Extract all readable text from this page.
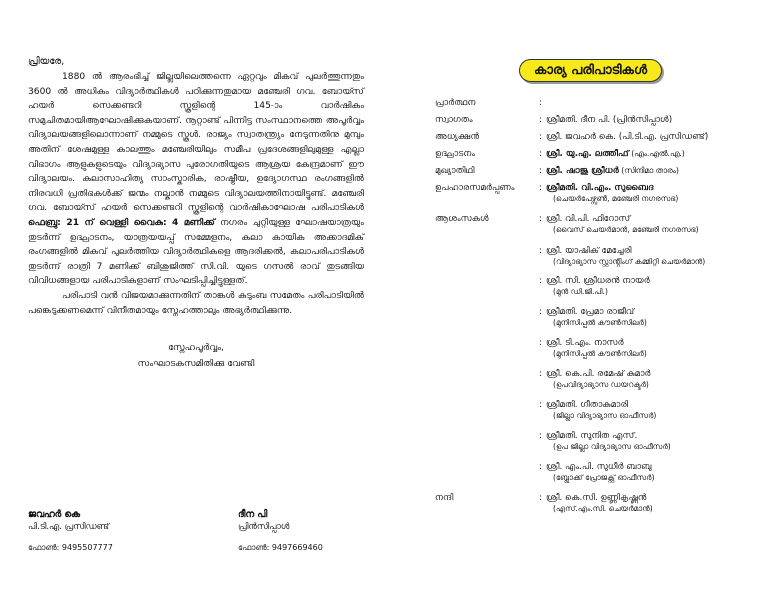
പ്രിയരേ,

1880 ൽ ആരംഭിച്ച് ജില്ലയിലെത്തന്നെ ഏറ്റവും മികവ് പുലർത്തുന്നതും 3600 ൽ അധികം വിദ്യാർത്ഥികൾ പഠിക്കുന്നതുമായ മഞ്ചേരി ഗവ. ബോയ്സ് ഹയർ സെക്കണ്ടറി സ്കൂളിന്റെ 145-ാം വാർഷികം സമുചിതമായിആഘോഷിക്കുകയാണ്. നൂറ്റാണ്ട് പിന്നിട്ട സംസ്ഥാനത്തെ അപൂർവ്വം വിദ്യാലയങ്ങളിലൊന്നാണ് നമ്മുടെ സ്കൂൾ. രാജ്യം സ്വാതന്ത്ര്യം നേടുന്നതിനു മുമ്പും അതിന് ശേഷമുള്ള കാലത്തും മഞ്ചേരിയിലും സമീപ പ്രദേശങ്ങളിലുമുള്ള എല്ലാ വിഭാഗം ആളുകളുടെയും വിദ്യാഭ്യാസ പുരോഗതിയുടെ ആശ്രയ കേന്ദ്രമാണ് ഈ വിദ്യാലയം. കലാസാഹിത്യ സാംസ്കാരിക, രാഷ്ട്രീയ, ഉദ്യോഗസ്ഥ രംഗങ്ങളിൽ നിരവധി പ്രതിഭകൾക്ക് ജന്മം നല്കാൻ നമ്മുടെ വിദ്യാലയത്തിനായിട്ടുണ്ട്. മഞ്ചേരി ഗവ. ബോയ്സ് ഹയർ സെക്കണ്ടറി സ്കൂളിന്റെ വാർഷികാഘോഷ പരിപാടികൾ ഫെബ്രു: 21 ന് വെള്ളി വൈകു: 4 മണിക്ക് നഗരം ചുറ്റിയുള്ള ഘോഷയാത്രയും തുടർന്ന് ഉദ്ഘാടനം, യാത്രയയപ്പ് സമ്മേളനം, കലാ കായിക അക്കാദമിക് രംഗങ്ങളിൽ മികവ് പുലർത്തിയ വിദ്യാർത്ഥികളെ ആദരിക്കൽ, കലാപരിപാടികൾ തുടർന്ന് രാത്രി 7 മണിക്ക് ബിശുജിത്ത് സി.വി. യുടെ ഗസൽ രാവ് തുടങ്ങിയ വിവിധങ്ങളായ പരിപാടികളാണ് സംഘടിപ്പിച്ചിട്ടുള്ളത്.

പരിപാടി വൻ വിജയമാക്കുന്നതിന് താങ്കൾ കുടുംബ സമേതം പരിപാടിയിൽ പങ്കെടുക്കണമെന്ന് വിനീതമായും സ്നേഹത്താലും അഭ്യർത്ഥിക്കുന്നു.

സ്നേഹപൂർവ്വം,
സംഘാടകസമിതിക്കു വേണ്ടി
ജവഹർ കെ
പി.ടി.എ. പ്രസിഡണ്ട്
ഫോൺ: 9495507777
ദീന പി
പ്രിൻസിപ്പാൾ
ഫോൺ: 9497669460
കാര്യ പരിപാടികൾ
പ്രാർത്ഥന	:
സ്വാഗതം	: ശ്രീമതി. ദീന പി. (പ്രിൻസിപ്പാൾ)
അധ്യക്ഷൻ	: ശ്രീ. ജവഹർ കെ. (പി.ടി.എ. പ്രസിഡണ്ട്)
ഉദ്ഘാടനം	: ശ്രീ. യു.എ. ലത്തീഫ് (എം.എൽ.എ.)
മുഖ്യാതിഥി	: ശ്രീ. ഷാജു ശ്രീധർ (സിനിമാ താരം)
ഉപഹാരസമർപ്പണം	: ശ്രീമതി. വി.എം. സുബൈദ
(ചെയർപേഴ്സൺ, മഞ്ചേരി നഗരസഭ)
ആശംസകൾ	: ശ്രീ. വി.പി. ഫിറോസ്
(വൈസ് ചെയർമാൻ, മഞ്ചേരി നഗരസഭ)
: ശ്രീ. യാഷിക് മേച്ചേരി
(വിദ്യാഭ്യാസ സ്റ്റാൻ്റിംഗ് കമ്മിറ്റി ചെയർമാൻ)
: ശ്രീ. സി. ശ്രീധരൻ നായർ
(മുൻ ഡി.ജി.പി.)
: ശ്രീമതി. പ്രേമാ രാജീവ്
(മുനിസിപ്പൽ കൗൺസിലർ)
: ശ്രീ. ടി.എം. നാസർ
(മുനിസിപ്പൽ കൗൺസിലർ)
: ശ്രീ. കെ.പി. രമേഷ് കുമാർ
(ഉപവിദ്യാഭ്യാസ ഡയറക്ടർ)
: ശ്രീമതി. ഗീതാകുമാരി
(ജില്ലാ വിദ്യാഭ്യാസ ഓഫീസർ)
: ശ്രീമതി. സുനിത എസ്.
(ഉപ ജില്ലാ വിദ്യാഭ്യാസ ഓഫീസർ)
: ശ്രീ. എം.പി. സുധീർ ബാബു
(ബ്ലോക്ക് പ്രോജക്റ്റ് ഓഫീസർ)
നന്ദി	: ശ്രീ. കെ.സി. ഉണ്ണികൃഷ്ണൻ
(എസ്.എം.സി. ചെയർമാൻ)
